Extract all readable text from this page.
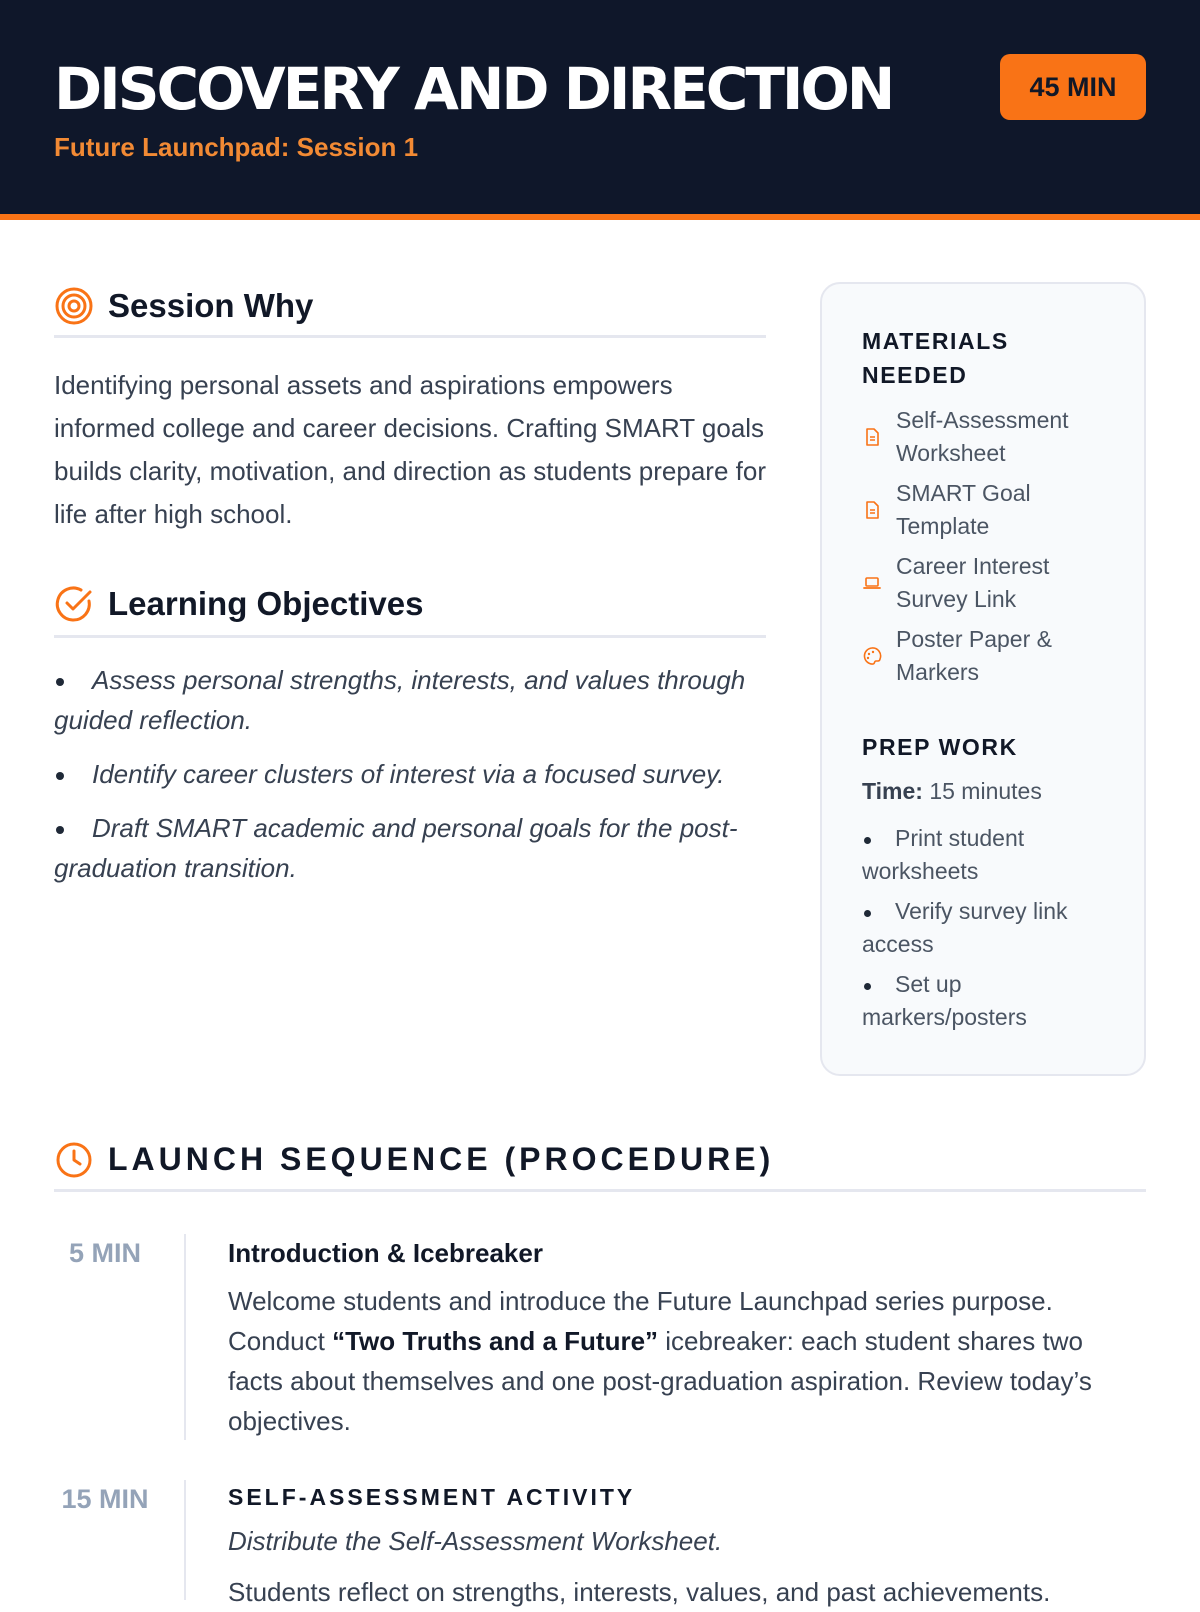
DISCOVERY AND DIRECTION
Future Launchpad: Session 1
45 MIN
Session Why

Identifying personal assets and aspirations empowers informed college and career decisions. Crafting SMART goals builds clarity, motivation, and direction as students prepare for life after high school.

Learning Objectives
Assess personal strengths, interests, and values through guided reflection.
Identify career clusters of interest via a focused survey.
Draft SMART academic and personal goals for the post-graduation transition.
MATERIALS NEEDED
Self-Assessment Worksheet
SMART Goal Template
Career Interest Survey Link
Poster Paper & Markers
PREP WORK
Time: 15 minutes
Print student worksheets
Verify survey link access
Set up markers/posters
LAUNCH SEQUENCE (PROCEDURE)
5 MIN	Introduction & Icebreaker

Welcome students and introduce the Future Launchpad series purpose. Conduct “Two Truths and a Future” icebreaker: each student shares two facts about themselves and one post-graduation aspiration. Review today’s objectives.

15 MIN	SELF-ASSESSMENT ACTIVITY

Distribute the Self-Assessment Worksheet.

Students reflect on strengths, interests, values, and past achievements.
